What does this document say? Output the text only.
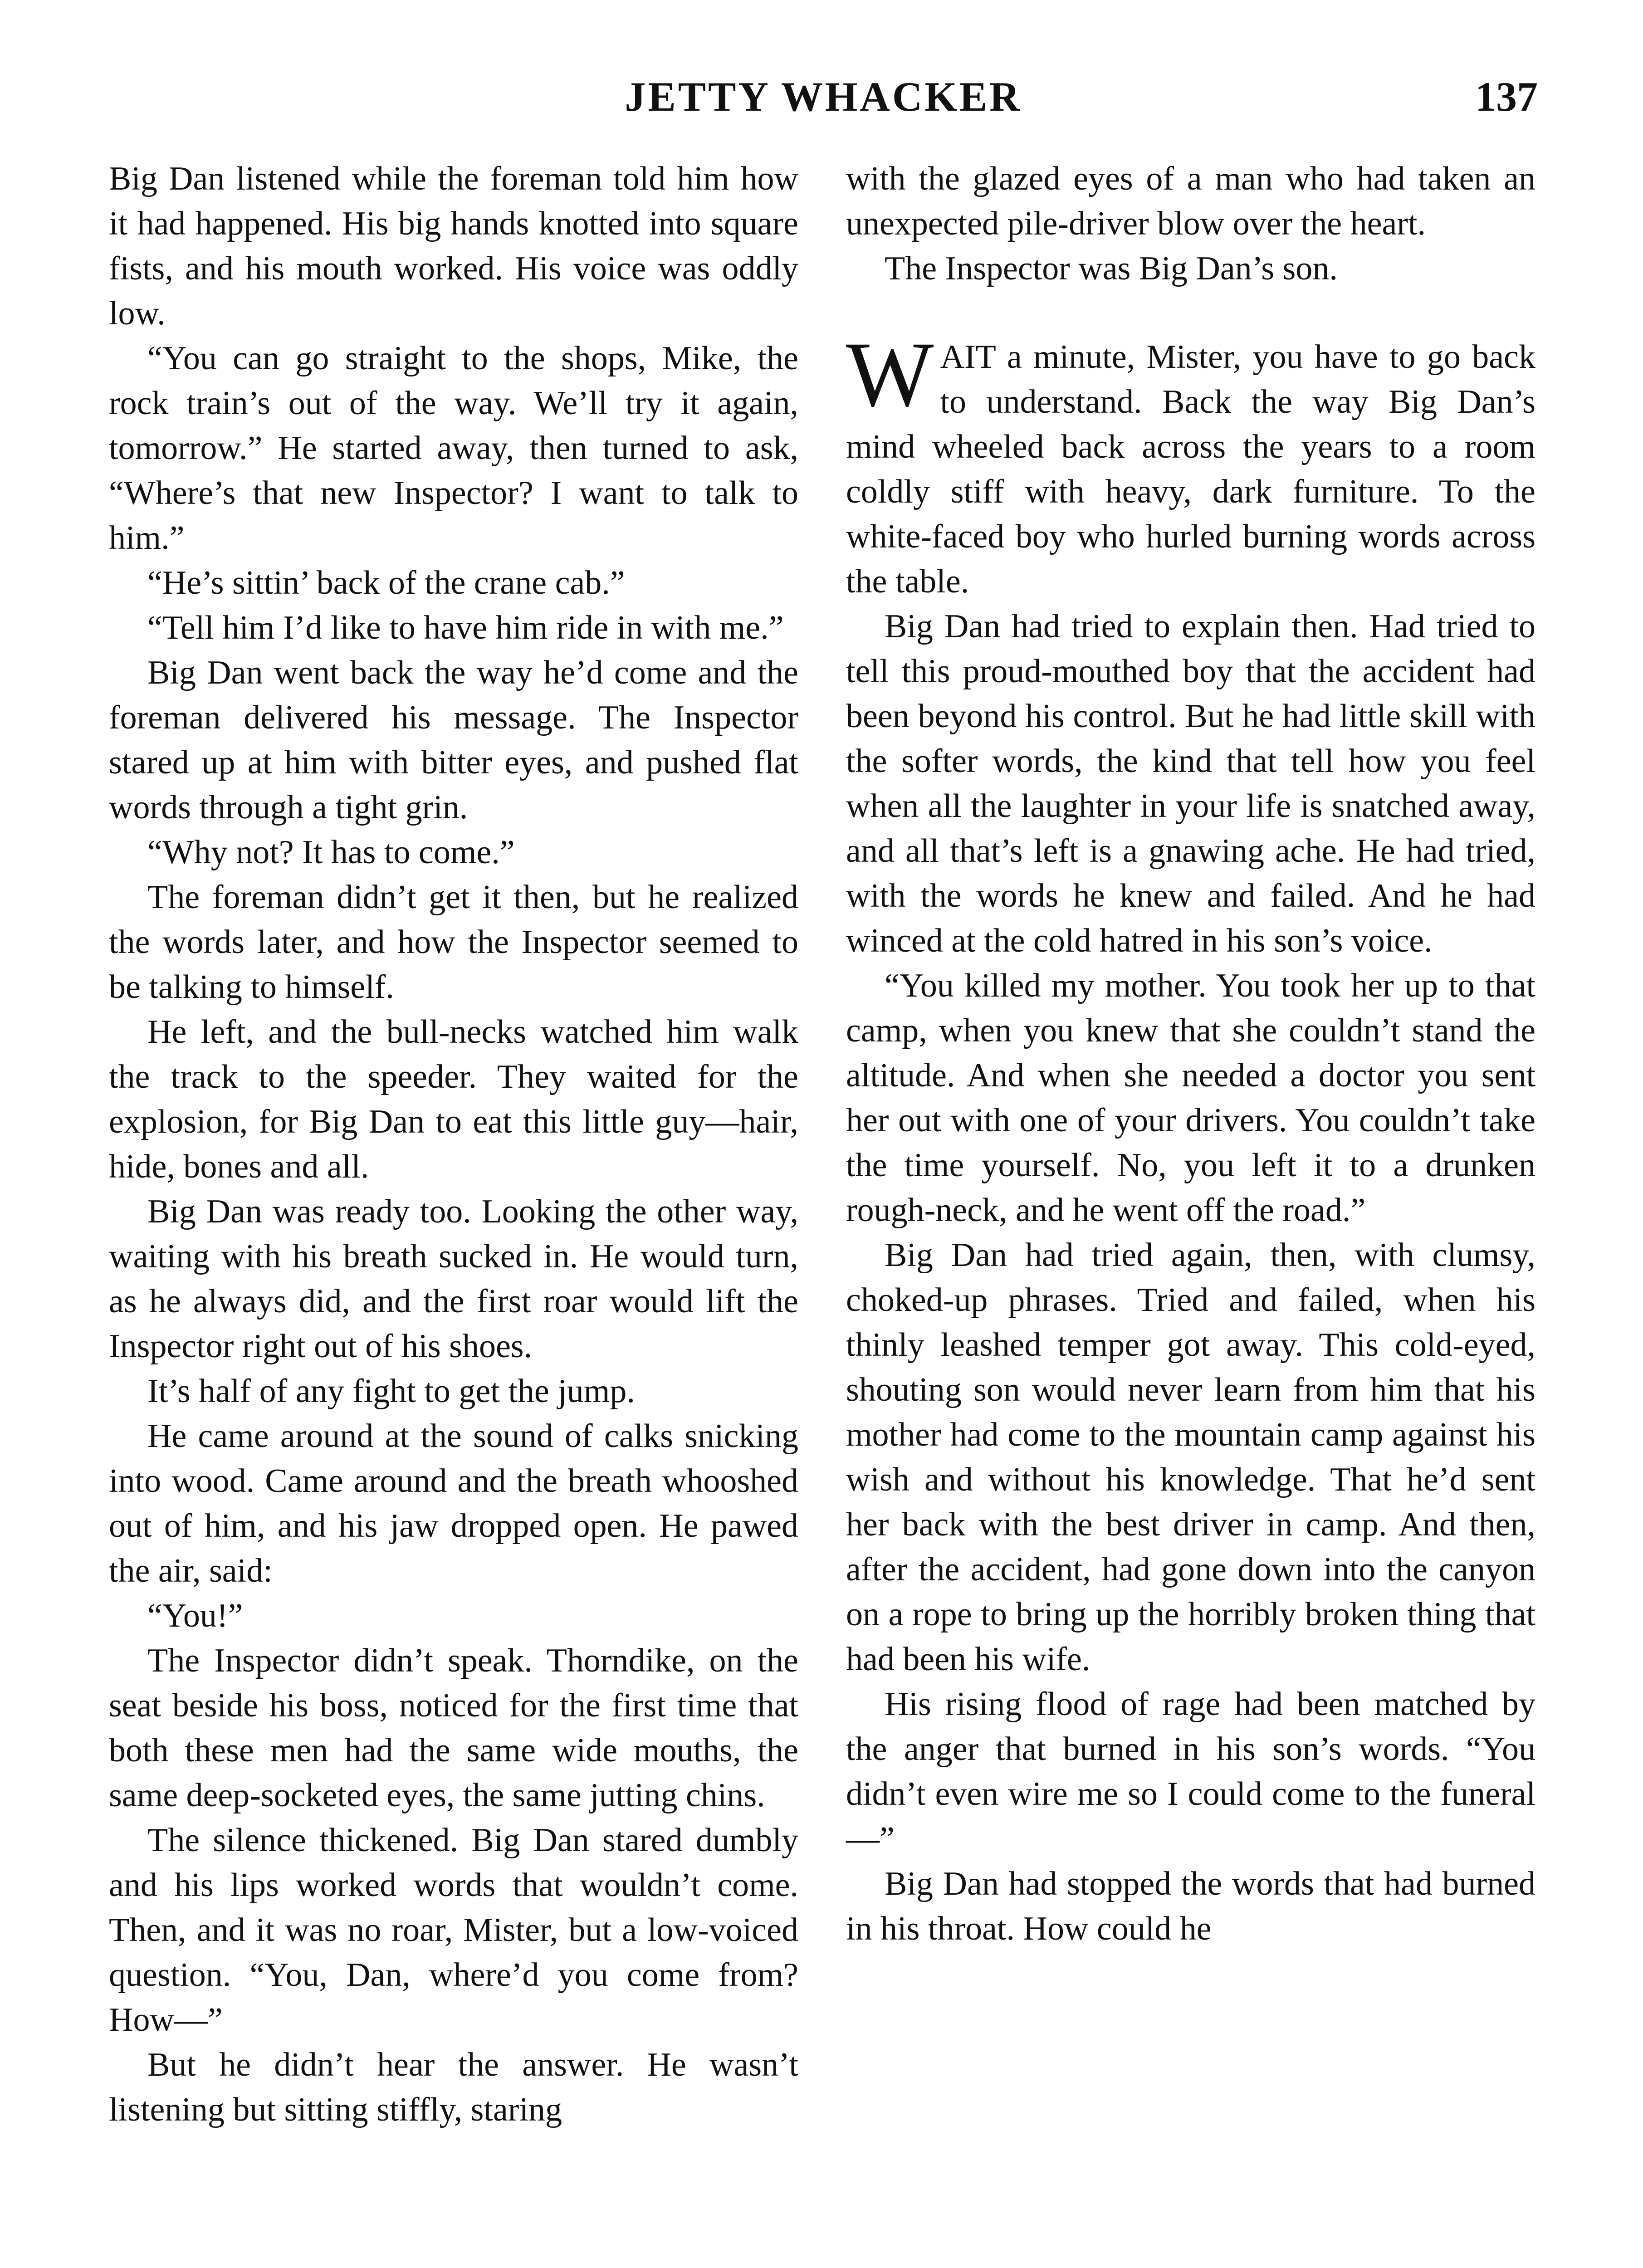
JETTY WHACKER	137

Big Dan listened while the foreman told him how it had happened. His big hands knotted into square fists, and his mouth worked. His voice was oddly low.

“You can go straight to the shops, Mike, the rock train’s out of the way. We’ll try it again, tomorrow.” He started away, then turned to ask, “Where’s that new Inspector? I want to talk to him.”

“He’s sittin’ back of the crane cab.”

“Tell him I’d like to have him ride in with me.”

Big Dan went back the way he’d come and the foreman delivered his message. The Inspector stared up at him with bitter eyes, and pushed flat words through a tight grin.

“Why not? It has to come.”

The foreman didn’t get it then, but he realized the words later, and how the Inspector seemed to be talking to himself.

He left, and the bull-necks watched him walk the track to the speeder. They waited for the explosion, for Big Dan to eat this little guy—hair, hide, bones and all.

Big Dan was ready too. Looking the other way, waiting with his breath sucked in. He would turn, as he always did, and the first roar would lift the Inspector right out of his shoes.

It’s half of any fight to get the jump.

He came around at the sound of calks snicking into wood. Came around and the breath whooshed out of him, and his jaw dropped open. He pawed the air, said:

“You!”

The Inspector didn’t speak. Thorndike, on the seat beside his boss, noticed for the first time that both these men had the same wide mouths, the same deep-socketed eyes, the same jutting chins.

The silence thickened. Big Dan stared dumbly and his lips worked words that wouldn’t come. Then, and it was no roar, Mister, but a low-voiced question. “You, Dan, where’d you come from? How—”

But he didn’t hear the answer. He wasn’t listening but sitting stiffly, staring

with the glazed eyes of a man who had taken an unexpected pile-driver blow over the heart.

The Inspector was Big Dan’s son.

WAIT a minute, Mister, you have to go back to understand. Back the way Big Dan’s mind wheeled back across the years to a room coldly stiff with heavy, dark furniture. To the white-faced boy who hurled burning words across the table.

Big Dan had tried to explain then. Had tried to tell this proud-mouthed boy that the accident had been beyond his control. But he had little skill with the softer words, the kind that tell how you feel when all the laughter in your life is snatched away, and all that’s left is a gnawing ache. He had tried, with the words he knew and failed. And he had winced at the cold hatred in his son’s voice.

“You killed my mother. You took her up to that camp, when you knew that she couldn’t stand the altitude. And when she needed a doctor you sent her out with one of your drivers. You couldn’t take the time yourself. No, you left it to a drunken rough-neck, and he went off the road.”

Big Dan had tried again, then, with clumsy, choked-up phrases. Tried and failed, when his thinly leashed temper got away. This cold-eyed, shouting son would never learn from him that his mother had come to the mountain camp against his wish and without his knowledge. That he’d sent her back with the best driver in camp. And then, after the accident, had gone down into the canyon on a rope to bring up the horribly broken thing that had been his wife.

His rising flood of rage had been matched by the anger that burned in his son’s words. “You didn’t even wire me so I could come to the funeral—”

Big Dan had stopped the words that had burned in his throat. How could he
